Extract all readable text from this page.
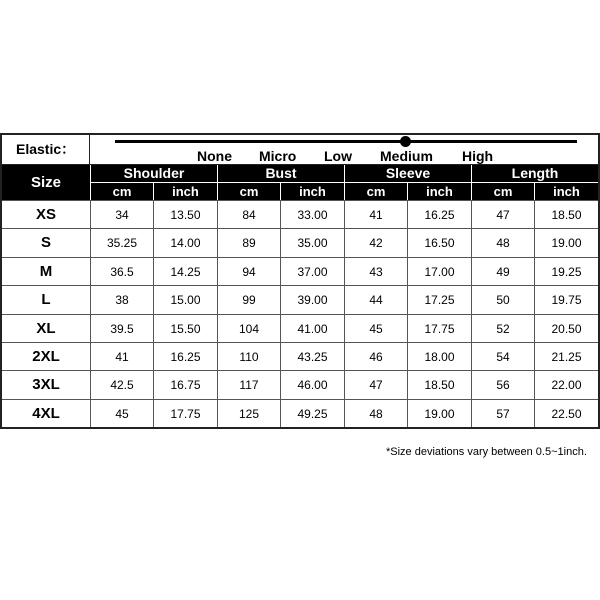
Elastic：	None Micro Low Medium High
Size
Shoulder	Bust	Sleeve	Length
cm	inch	cm	inch	cm	inch	cm	inch
XS	34	13.50	84	33.00	41	16.25	47	18.50
S	35.25	14.00	89	35.00	42	16.50	48	19.00
M	36.5	14.25	94	37.00	43	17.00	49	19.25
L	38	15.00	99	39.00	44	17.25	50	19.75
XL	39.5	15.50	104	41.00	45	17.75	52	20.50
2XL	41	16.25	110	43.25	46	18.00	54	21.25
3XL	42.5	16.75	117	46.00	47	18.50	56	22.00
4XL	45	17.75	125	49.25	48	19.00	57	22.50
*Size deviations vary between 0.5~1inch.
